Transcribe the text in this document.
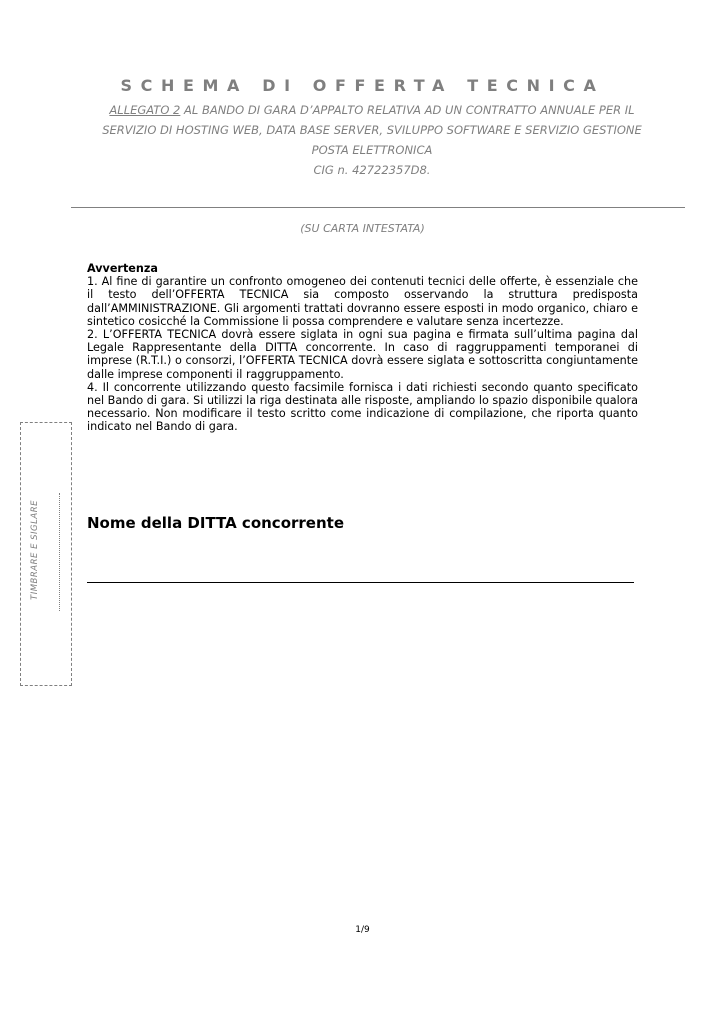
SCHEMA DI OFFERTA TECNICA
ALLEGATO 2 AL BANDO DI GARA D’APPALTO RELATIVA AD UN CONTRATTO ANNUALE PER IL
SERVIZIO DI HOSTING WEB, DATA BASE SERVER, SVILUPPO SOFTWARE E SERVIZIO GESTIONE
POSTA ELETTRONICA
CIG n. 42722357D8.
(SU CARTA INTESTATA)
Avvertenza

1. Al fine di garantire un confronto omogeneo dei contenuti tecnici delle offerte, è essenziale che il testo dell’OFFERTA TECNICA sia composto osservando la struttura predisposta dall’AMMINISTRAZIONE. Gli argomenti trattati dovranno essere esposti in modo organico, chiaro e sintetico cosicché la Commissione li possa comprendere e valutare senza incertezze.

2. L’OFFERTA TECNICA dovrà essere siglata in ogni sua pagina e firmata sull’ultima pagina dal Legale Rappresentante della DITTA concorrente. In caso di raggruppamenti temporanei di imprese (R.T.I.) o consorzi, l’OFFERTA TECNICA dovrà essere siglata e sottoscritta congiuntamente dalle imprese componenti il raggruppamento.

4. Il concorrente utilizzando questo facsimile fornisca i dati richiesti secondo quanto specificato nel Bando di gara. Si utilizzi la riga destinata alle risposte, ampliando lo spazio disponibile qualora necessario. Non modificare il testo scritto come indicazione di compilazione, che riporta quanto indicato nel Bando di gara.

TIMBRARE E SIGLARE	Nome della DITTA concorrente
1/9
